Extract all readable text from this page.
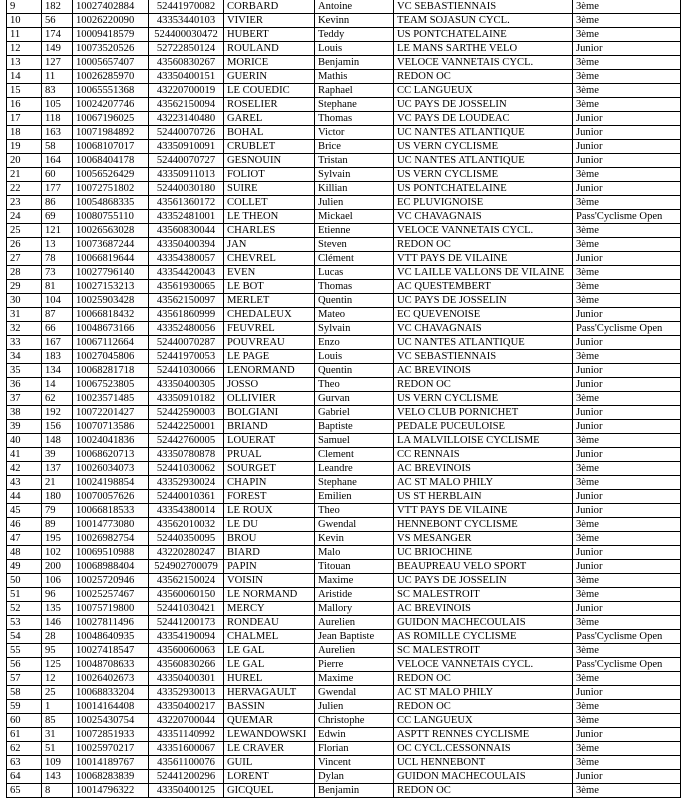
9	182	10027402884	52441970082	CORBARD	Antoine	VC SEBASTIENNAIS	3ème
10	56	10026220090	43353440103	VIVIER	Kevinn	TEAM SOJASUN CYCL.	3ème
11	174	10009418579	524400030472	HUBERT	Teddy	US PONTCHATELAINE	3ème
12	149	10073520526	52722850124	ROULAND	Louis	LE MANS SARTHE VELO	Junior
13	127	10005657407	43560830267	MORICE	Benjamin	VELOCE VANNETAIS CYCL.	3ème
14	11	10026285970	43350400151	GUERIN	Mathis	REDON OC	3ème
15	83	10065551368	43220700019	LE COUEDIC	Raphael	CC LANGUEUX	3ème
16	105	10024207746	43562150094	ROSELIER	Stephane	UC PAYS DE JOSSELIN	3ème
17	118	10067196025	43223140480	GAREL	Thomas	VC PAYS DE LOUDEAC	Junior
18	163	10071984892	52440070726	BOHAL	Victor	UC NANTES ATLANTIQUE	Junior
19	58	10068107017	43350910091	CRUBLET	Brice	US VERN CYCLISME	Junior
20	164	10068404178	52440070727	GESNOUIN	Tristan	UC NANTES ATLANTIQUE	Junior
21	60	10056526429	43350911013	FOLIOT	Sylvain	US VERN CYCLISME	3ème
22	177	10072751802	52440030180	SUIRE	Killian	US PONTCHATELAINE	Junior
23	86	10054868335	43561360172	COLLET	Julien	EC PLUVIGNOISE	3ème
24	69	10080755110	43352481001	LE THEON	Mickael	VC CHAVAGNAIS	Pass'Cyclisme Open
25	121	10026563028	43560830044	CHARLES	Etienne	VELOCE VANNETAIS CYCL.	3ème
26	13	10073687244	43350400394	JAN	Steven	REDON OC	3ème
27	78	10066819644	43354380057	CHEVREL	Clément	VTT PAYS DE VILAINE	Junior
28	73	10027796140	43354420043	EVEN	Lucas	VC LAILLE VALLONS DE VILAINE	3ème
29	81	10027153213	43561930065	LE BOT	Thomas	AC QUESTEMBERT	3ème
30	104	10025903428	43562150097	MERLET	Quentin	UC PAYS DE JOSSELIN	3ème
31	87	10066818432	43561860999	CHEDALEUX	Mateo	EC QUEVENOISE	Junior
32	66	10048673166	43352480056	FEUVREL	Sylvain	VC CHAVAGNAIS	Pass'Cyclisme Open
33	167	10067112664	52440070287	POUVREAU	Enzo	UC NANTES ATLANTIQUE	Junior
34	183	10027045806	52441970053	LE PAGE	Louis	VC SEBASTIENNAIS	3ème
35	134	10068281718	52441030066	LENORMAND	Quentin	AC BREVINOIS	Junior
36	14	10067523805	43350400305	JOSSO	Theo	REDON OC	Junior
37	62	10023571485	43350910182	OLLIVIER	Gurvan	US VERN CYCLISME	3ème
38	192	10072201427	52442590003	BOLGIANI	Gabriel	VELO CLUB PORNICHET	Junior
39	156	10070713586	52442250001	BRIAND	Baptiste	PEDALE PUCEULOISE	Junior
40	148	10024041836	52442760005	LOUERAT	Samuel	LA MALVILLOISE CYCLISME	3ème
41	39	10068620713	43350780878	PRUAL	Clement	CC RENNAIS	Junior
42	137	10026034073	52441030062	SOURGET	Leandre	AC BREVINOIS	3ème
43	21	10024198854	43352930024	CHAPIN	Stephane	AC ST MALO PHILY	3ème
44	180	10070057626	52440010361	FOREST	Emilien	US ST HERBLAIN	Junior
45	79	10066818533	43354380014	LE ROUX	Theo	VTT PAYS DE VILAINE	Junior
46	89	10014773080	43562010032	LE DU	Gwendal	HENNEBONT CYCLISME	3ème
47	195	10026982754	52440350095	BROU	Kevin	VS MESANGER	3ème
48	102	10069510988	43220280247	BIARD	Malo	UC BRIOCHINE	Junior
49	200	10068988404	524902700079	PAPIN	Titouan	BEAUPREAU VELO SPORT	Junior
50	106	10025720946	43562150024	VOISIN	Maxime	UC PAYS DE JOSSELIN	3ème
51	96	10025257467	43560060150	LE NORMAND	Aristide	SC MALESTROIT	3ème
52	135	10075719800	52441030421	MERCY	Mallory	AC BREVINOIS	Junior
53	146	10027811496	52441200173	RONDEAU	Aurelien	GUIDON MACHECOULAIS	3ème
54	28	10048640935	43354190094	CHALMEL	Jean Baptiste	AS ROMILLE CYCLISME	Pass'Cyclisme Open
55	95	10027418547	43560060063	LE GAL	Aurelien	SC MALESTROIT	3ème
56	125	10048708633	43560830266	LE GAL	Pierre	VELOCE VANNETAIS CYCL.	Pass'Cyclisme Open
57	12	10026402673	43350400301	HUREL	Maxime	REDON OC	3ème
58	25	10068833204	43352930013	HERVAGAULT	Gwendal	AC ST MALO PHILY	Junior
59	1	10014164408	43350400217	BASSIN	Julien	REDON OC	3ème
60	85	10025430754	43220700044	QUEMAR	Christophe	CC LANGUEUX	3ème
61	31	10072851933	43351140992	LEWANDOWSKI	Edwin	ASPTT RENNES CYCLISME	Junior
62	51	10025970217	43351600067	LE CRAVER	Florian	OC CYCL.CESSONNAIS	3ème
63	109	10014189767	43561100076	GUIL	Vincent	UCL HENNEBONT	3ème
64	143	10068283839	52441200296	LORENT	Dylan	GUIDON MACHECOULAIS	Junior
65	8	10014796322	43350400125	GICQUEL	Benjamin	REDON OC	3ème
